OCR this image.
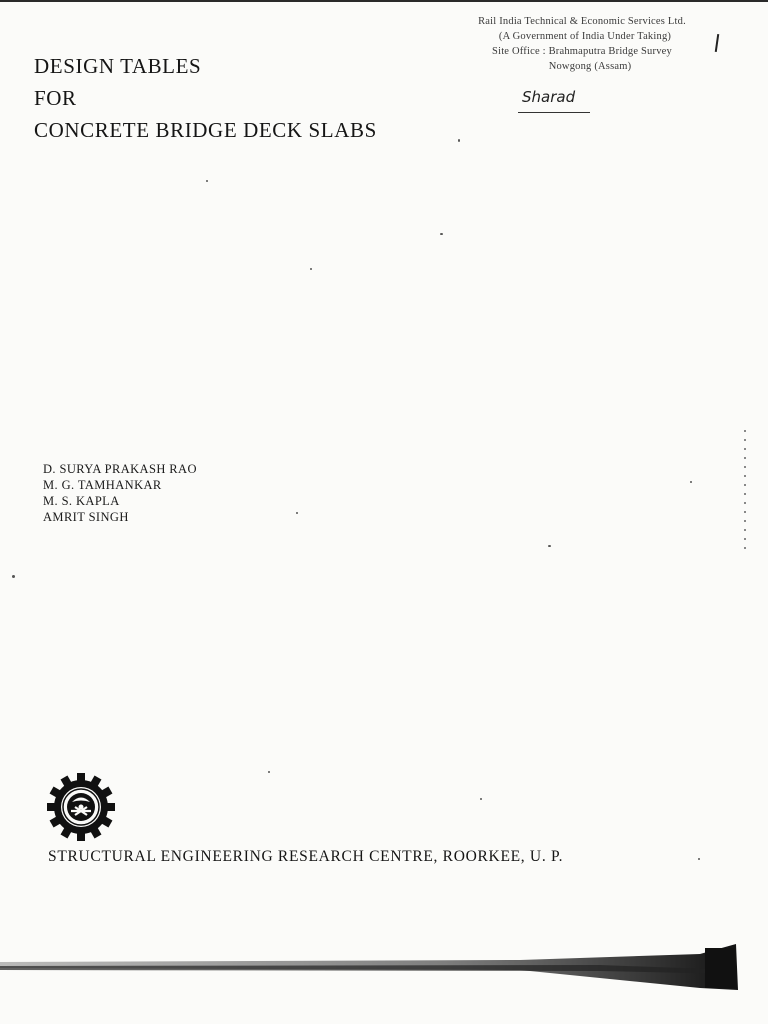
Rail India Technical & Economic Services Ltd.
(A Government of India Under Taking)
Site Office : Brahmaputra Bridge Survey
Nowgong (Assam)
Sharad
DESIGN TABLES
FOR
CONCRETE BRIDGE DECK SLABS
D. SURYA PRAKASH RAO
M. G. TAMHANKAR
M. S. KAPLA
AMRIT SINGH
STRUCTURAL ENGINEERING RESEARCH CENTRE, ROORKEE, U. P.
